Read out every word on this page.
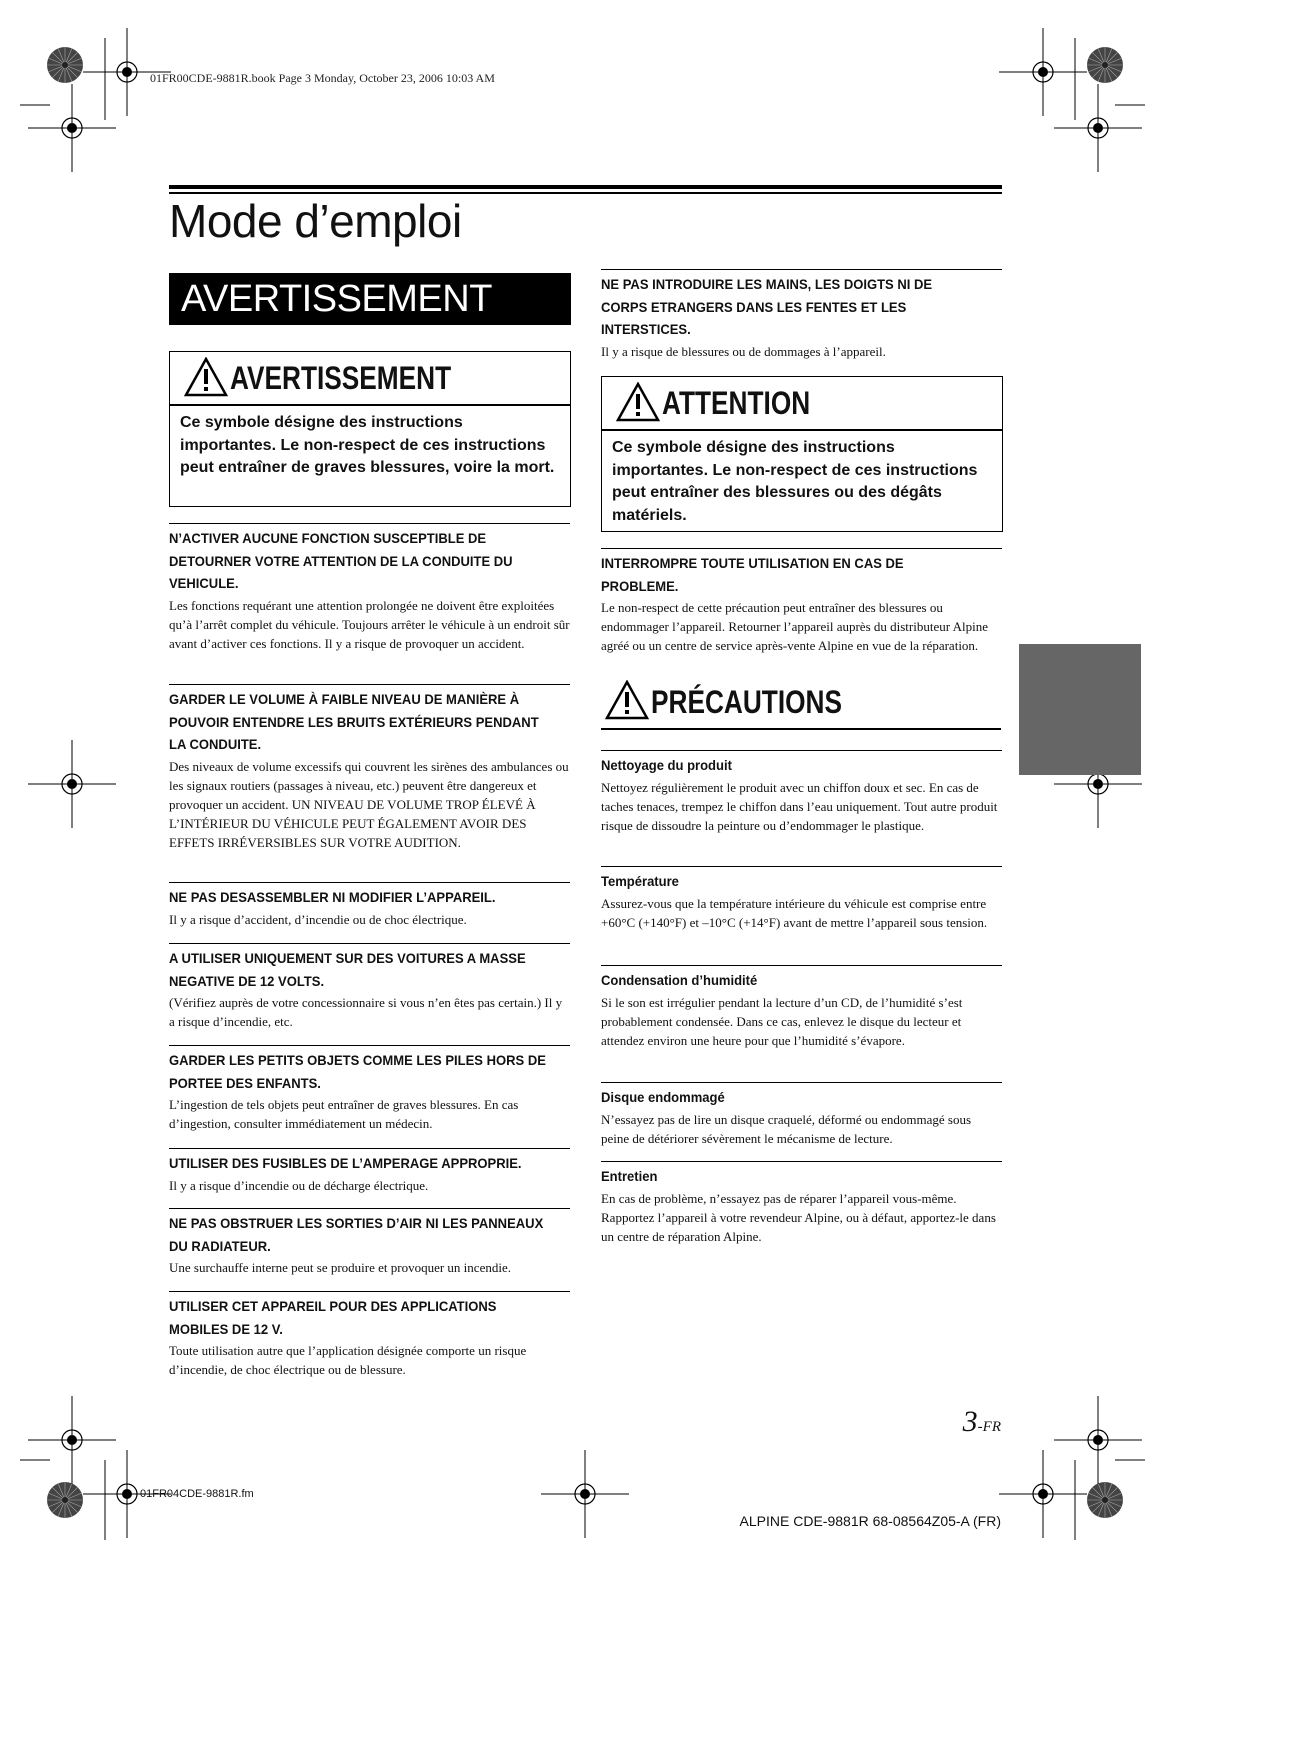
01FR00CDE-9881R.book Page 3 Monday, October 23, 2006 10:03 AM
Mode d’emploi
AVERTISSEMENT
AVERTISSEMENT
Ce symbole désigne des instructions importantes. Le non-respect de ces instructions peut entraîner de graves blessures, voire la mort.
N’ACTIVER AUCUNE FONCTION SUSCEPTIBLE DE
DETOURNER VOTRE ATTENTION DE LA CONDUITE DU
VEHICULE.
Les fonctions requérant une attention prolongée ne doivent être exploitées qu’à l’arrêt complet du véhicule. Toujours arrêter le véhicule à un endroit sûr avant d’activer ces fonctions. Il y a risque de provoquer un accident.
GARDER LE VOLUME À FAIBLE NIVEAU DE MANIÈRE À
POUVOIR ENTENDRE LES BRUITS EXTÉRIEURS PENDANT
LA CONDUITE.
Des niveaux de volume excessifs qui couvrent les sirènes des ambulances ou les signaux routiers (passages à niveau, etc.) peuvent être dangereux et provoquer un accident. UN NIVEAU DE VOLUME TROP ÉLEVÉ À L’INTÉRIEUR DU VÉHICULE PEUT ÉGALEMENT AVOIR DES EFFETS IRRÉVERSIBLES SUR VOTRE AUDITION.
NE PAS DESASSEMBLER NI MODIFIER L’APPAREIL.
Il y a risque d’accident, d’incendie ou de choc électrique.
A UTILISER UNIQUEMENT SUR DES VOITURES A MASSE
NEGATIVE DE 12 VOLTS.
(Vérifiez auprès de votre concessionnaire si vous n’en êtes pas certain.) Il y a risque d’incendie, etc.
GARDER LES PETITS OBJETS COMME LES PILES HORS DE
PORTEE DES ENFANTS.
L’ingestion de tels objets peut entraîner de graves blessures. En cas d’ingestion, consulter immédiatement un médecin.
UTILISER DES FUSIBLES DE L’AMPERAGE APPROPRIE.
Il y a risque d’incendie ou de décharge électrique.
NE PAS OBSTRUER LES SORTIES D’AIR NI LES PANNEAUX
DU RADIATEUR.
Une surchauffe interne peut se produire et provoquer un incendie.
UTILISER CET APPAREIL POUR DES APPLICATIONS
MOBILES DE 12 V.
Toute utilisation autre que l’application désignée comporte un risque d’incendie, de choc électrique ou de blessure.
NE PAS INTRODUIRE LES MAINS, LES DOIGTS NI DE
CORPS ETRANGERS DANS LES FENTES ET LES
INTERSTICES.
Il y a risque de blessures ou de dommages à l’appareil.
ATTENTION
Ce symbole désigne des instructions importantes. Le non-respect de ces instructions peut entraîner des blessures ou des dégâts matériels.
INTERROMPRE TOUTE UTILISATION EN CAS DE
PROBLEME.
Le non-respect de cette précaution peut entraîner des blessures ou endommager l’appareil. Retourner l’appareil auprès du distributeur Alpine agréé ou un centre de service après-vente Alpine en vue de la réparation.
PRÉCAUTIONS
Nettoyage du produit
Nettoyez régulièrement le produit avec un chiffon doux et sec. En cas de taches tenaces, trempez le chiffon dans l’eau uniquement. Tout autre produit risque de dissoudre la peinture ou d’endommager le plastique.
Température
Assurez-vous que la température intérieure du véhicule est comprise entre +60°C (+140°F) et –10°C (+14°F) avant de mettre l’appareil sous tension.
Condensation d’humidité
Si le son est irrégulier pendant la lecture d’un CD, de l’humidité s’est probablement condensée. Dans ce cas, enlevez le disque du lecteur et attendez environ une heure pour que l’humidité s’évapore.
Disque endommagé
N’essayez pas de lire un disque craquelé, déformé ou endommagé sous peine de détériorer sévèrement le mécanisme de lecture.
Entretien
En cas de problème, n’essayez pas de réparer l’appareil vous-même. Rapportez l’appareil à votre revendeur Alpine, ou à défaut, apportez-le dans un centre de réparation Alpine.
3-FR
01FR04CDE-9881R.fm
ALPINE CDE-9881R 68-08564Z05-A (FR)
